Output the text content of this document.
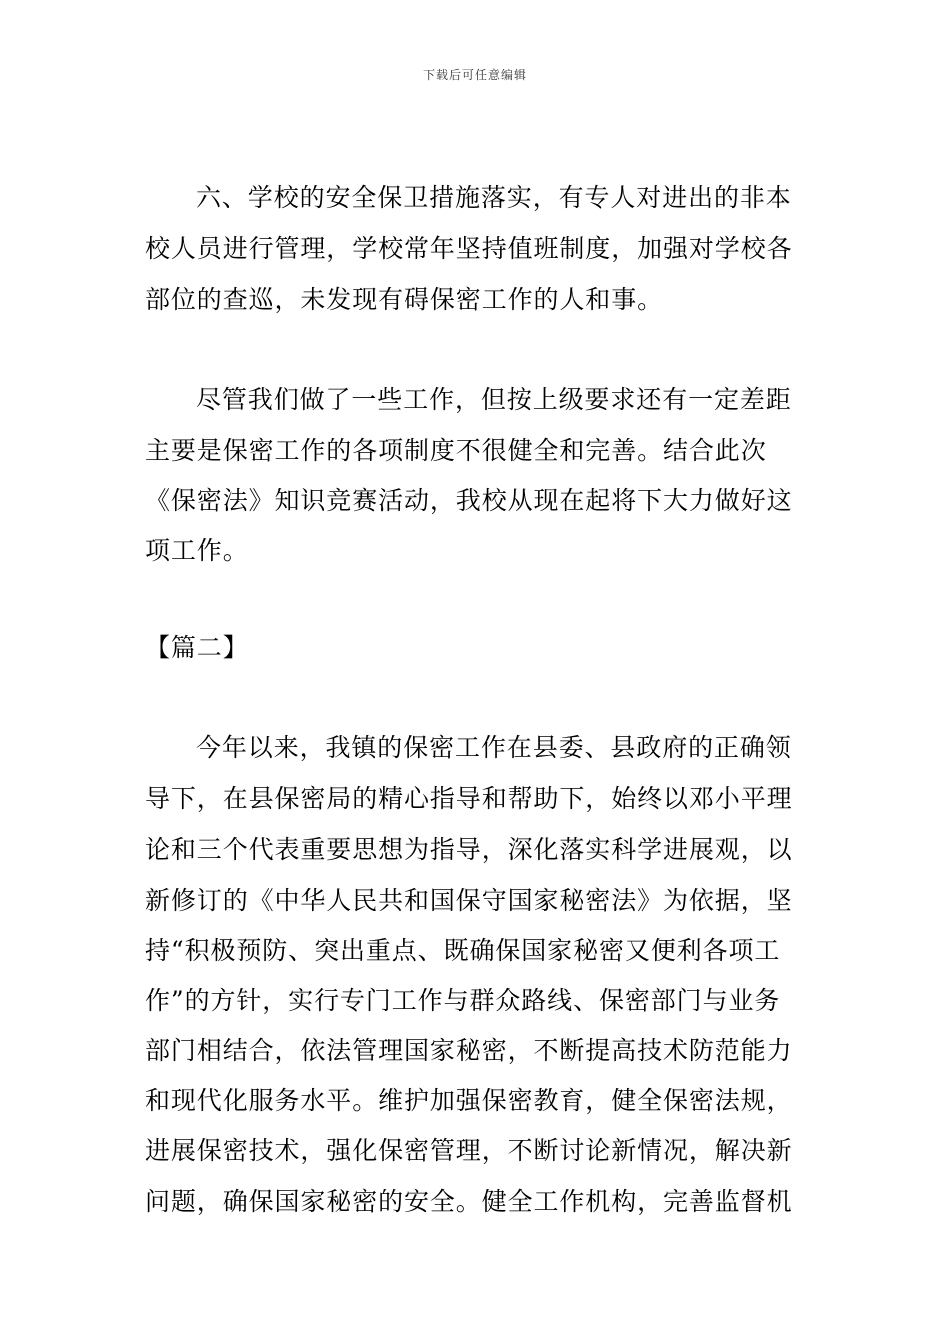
下载后可任意编辑
六、学校的安全保卫措施落实，有专人对进出的非本
校人员进行管理，学校常年坚持值班制度，加强对学校各
部位的查巡，未发现有碍保密工作的人和事。
尽管我们做了一些工作，但按上级要求还有一定差距
主要是保密工作的各项制度不很健全和完善。结合此次
《保密法》知识竞赛活动，我校从现在起将下大力做好这
项工作。
【篇二】
今年以来，我镇的保密工作在县委、县政府的正确领
导下，在县保密局的精心指导和帮助下，始终以邓小平理
论和三个代表重要思想为指导，深化落实科学进展观，以
新修订的《中华人民共和国保守国家秘密法》为依据，坚
持“积极预防、突出重点、既确保国家秘密又便利各项工
作”的方针，实行专门工作与群众路线、保密部门与业务
部门相结合，依法管理国家秘密，不断提高技术防范能力
和现代化服务水平。维护加强保密教育，健全保密法规，
进展保密技术，强化保密管理，不断讨论新情况，解决新
问题，确保国家秘密的安全。健全工作机构，完善监督机
